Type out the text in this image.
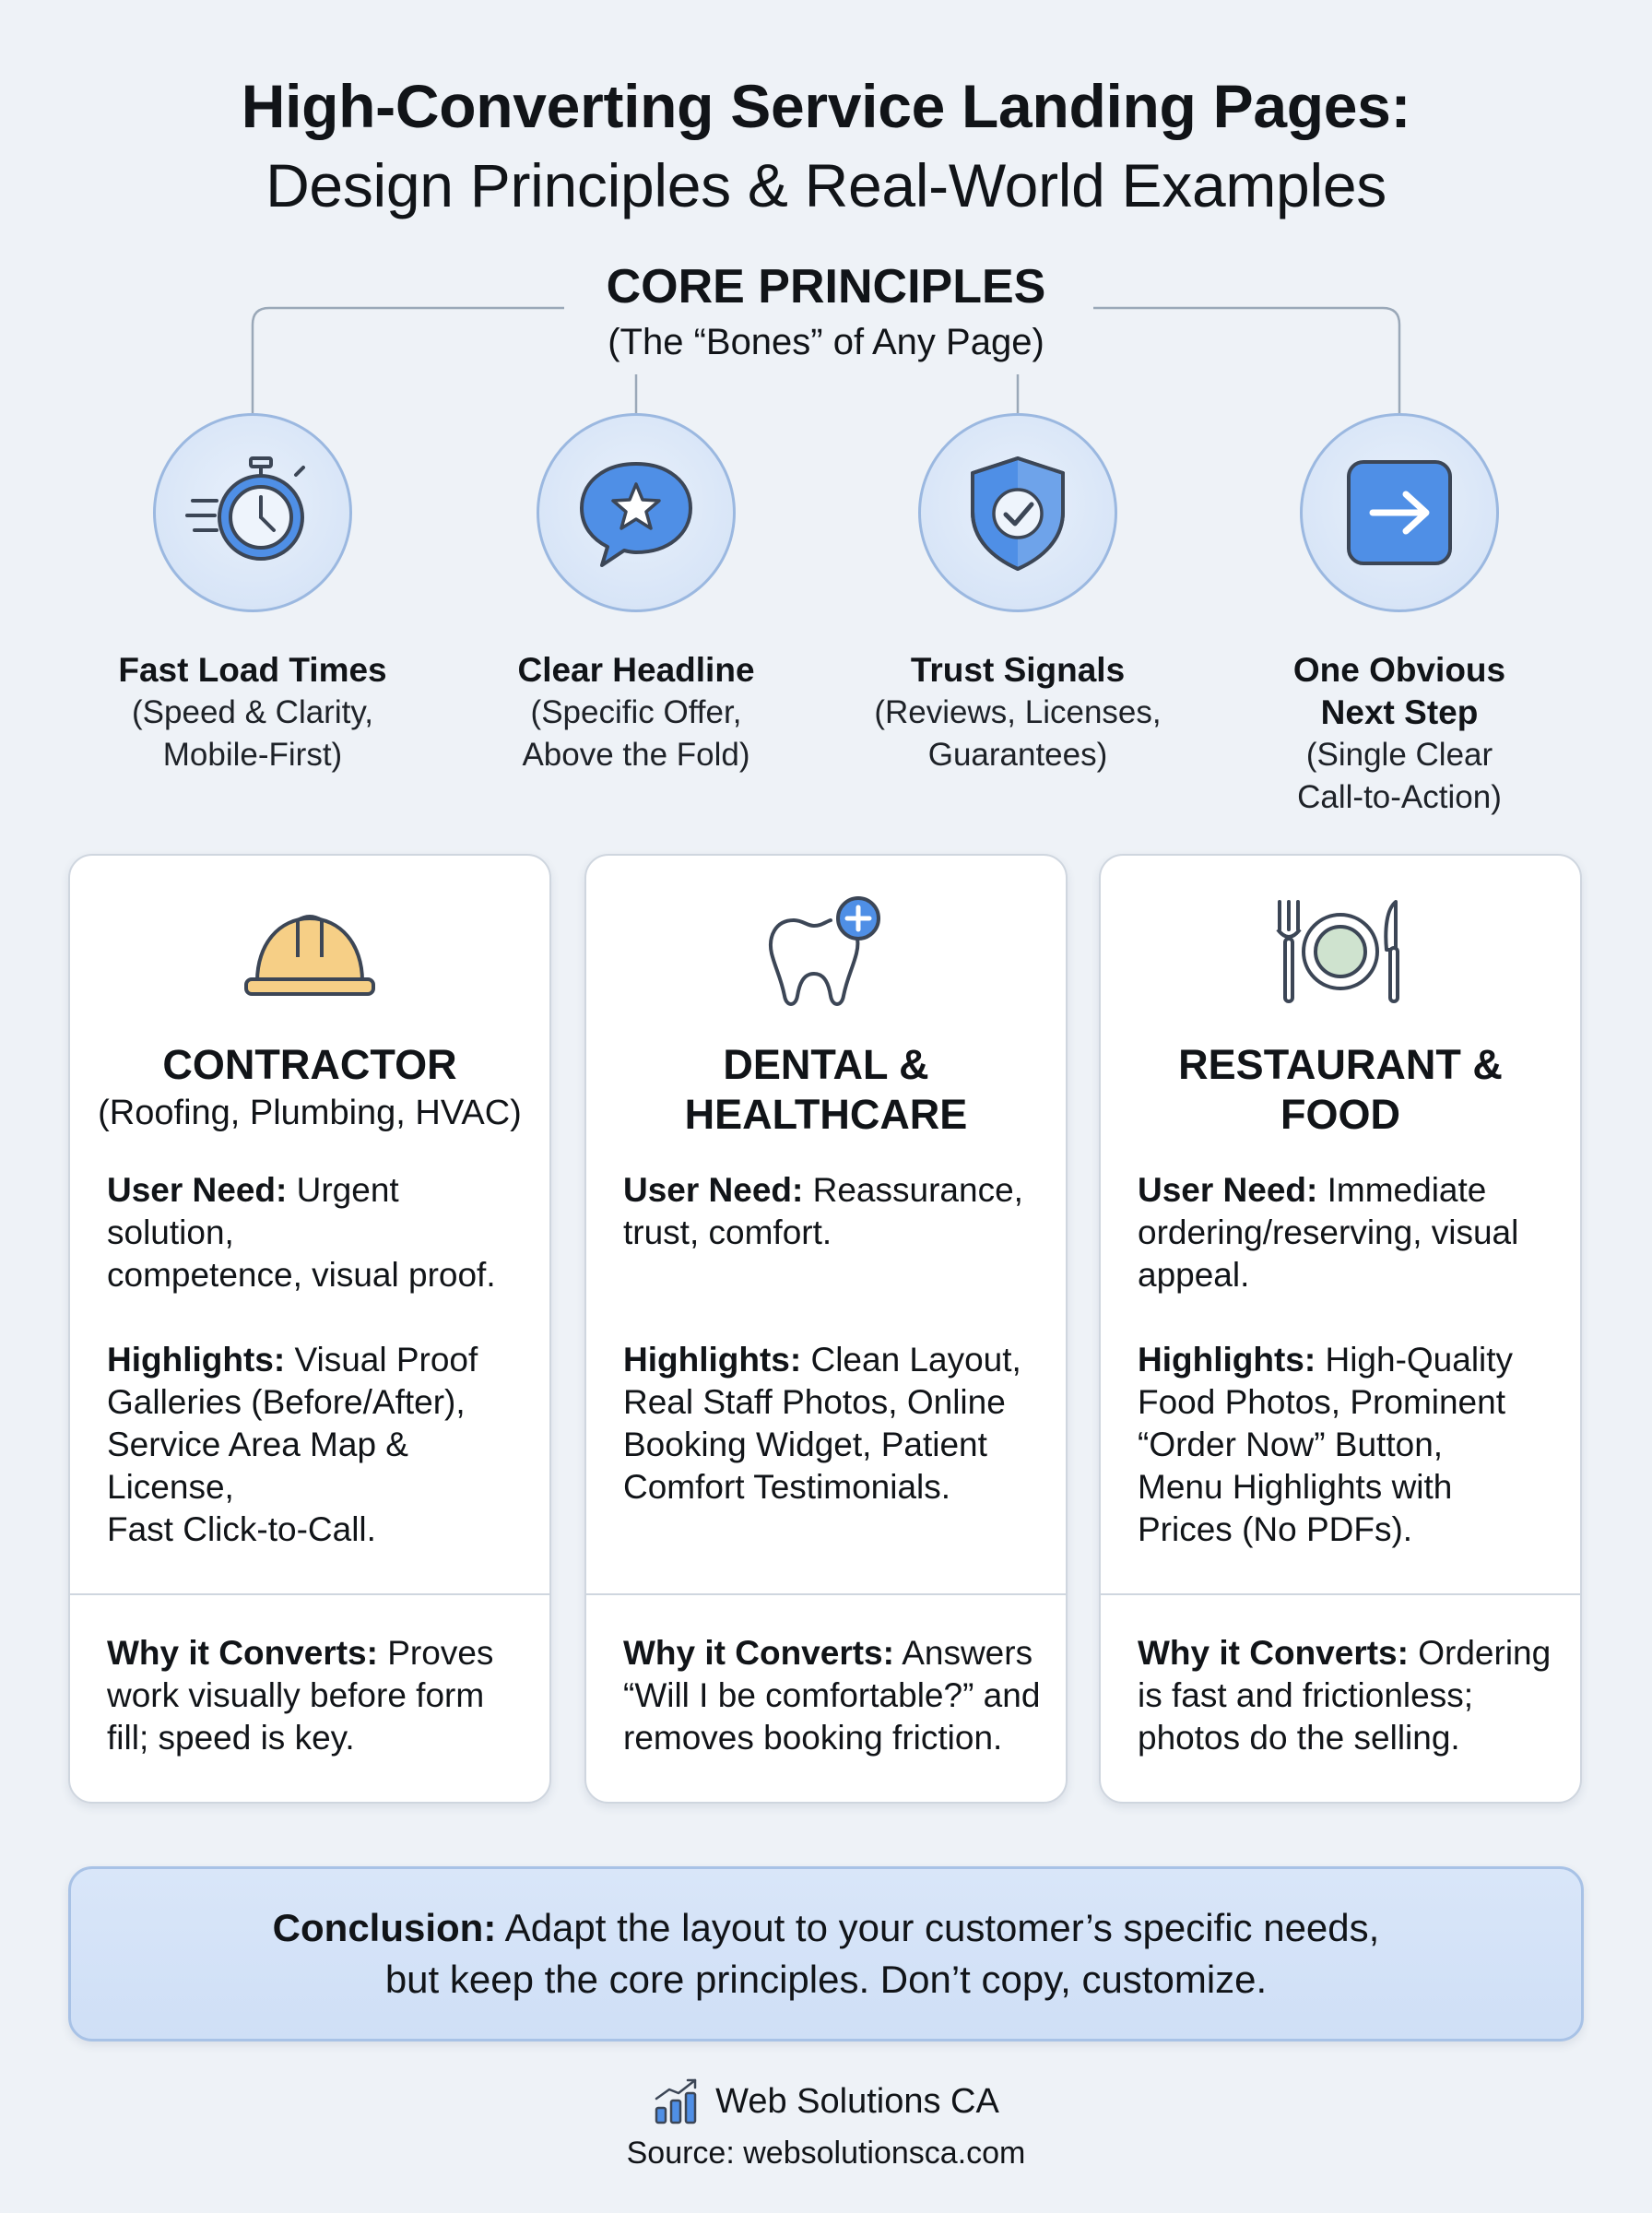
High-Converting Service Landing Pages:
Design Principles & Real-World Examples
CORE PRINCIPLES
(The “Bones” of Any Page)
Fast Load Times
(Speed & Clarity,
Mobile-First)
Clear Headline
(Specific Offer,
Above the Fold)
Trust Signals
(Reviews, Licenses,
Guarantees)
One Obvious
Next Step
(Single Clear
Call-to-Action)
CONTRACTOR
(Roofing, Plumbing, HVAC)
User Need: Urgent solution,
competence, visual proof.
Highlights: Visual Proof
Galleries (Before/After),
Service Area Map & License,
Fast Click-to-Call.
Why it Converts: Proves
work visually before form
fill; speed is key.
DENTAL &
HEALTHCARE
User Need: Reassurance,
trust, comfort.
Highlights: Clean Layout,
Real Staff Photos, Online
Booking Widget, Patient
Comfort Testimonials.
Why it Converts: Answers
“Will I be comfortable?” and
removes booking friction.
RESTAURANT &
FOOD
User Need: Immediate
ordering/reserving, visual
appeal.
Highlights: High-Quality
Food Photos, Prominent
“Order Now” Button,
Menu Highlights with
Prices (No PDFs).
Why it Converts: Ordering
is fast and frictionless;
photos do the selling.
Conclusion: Adapt the layout to your customer’s specific needs,
but keep the core principles. Don’t copy, customize.
Web Solutions CA
Source: websolutionsca.com
